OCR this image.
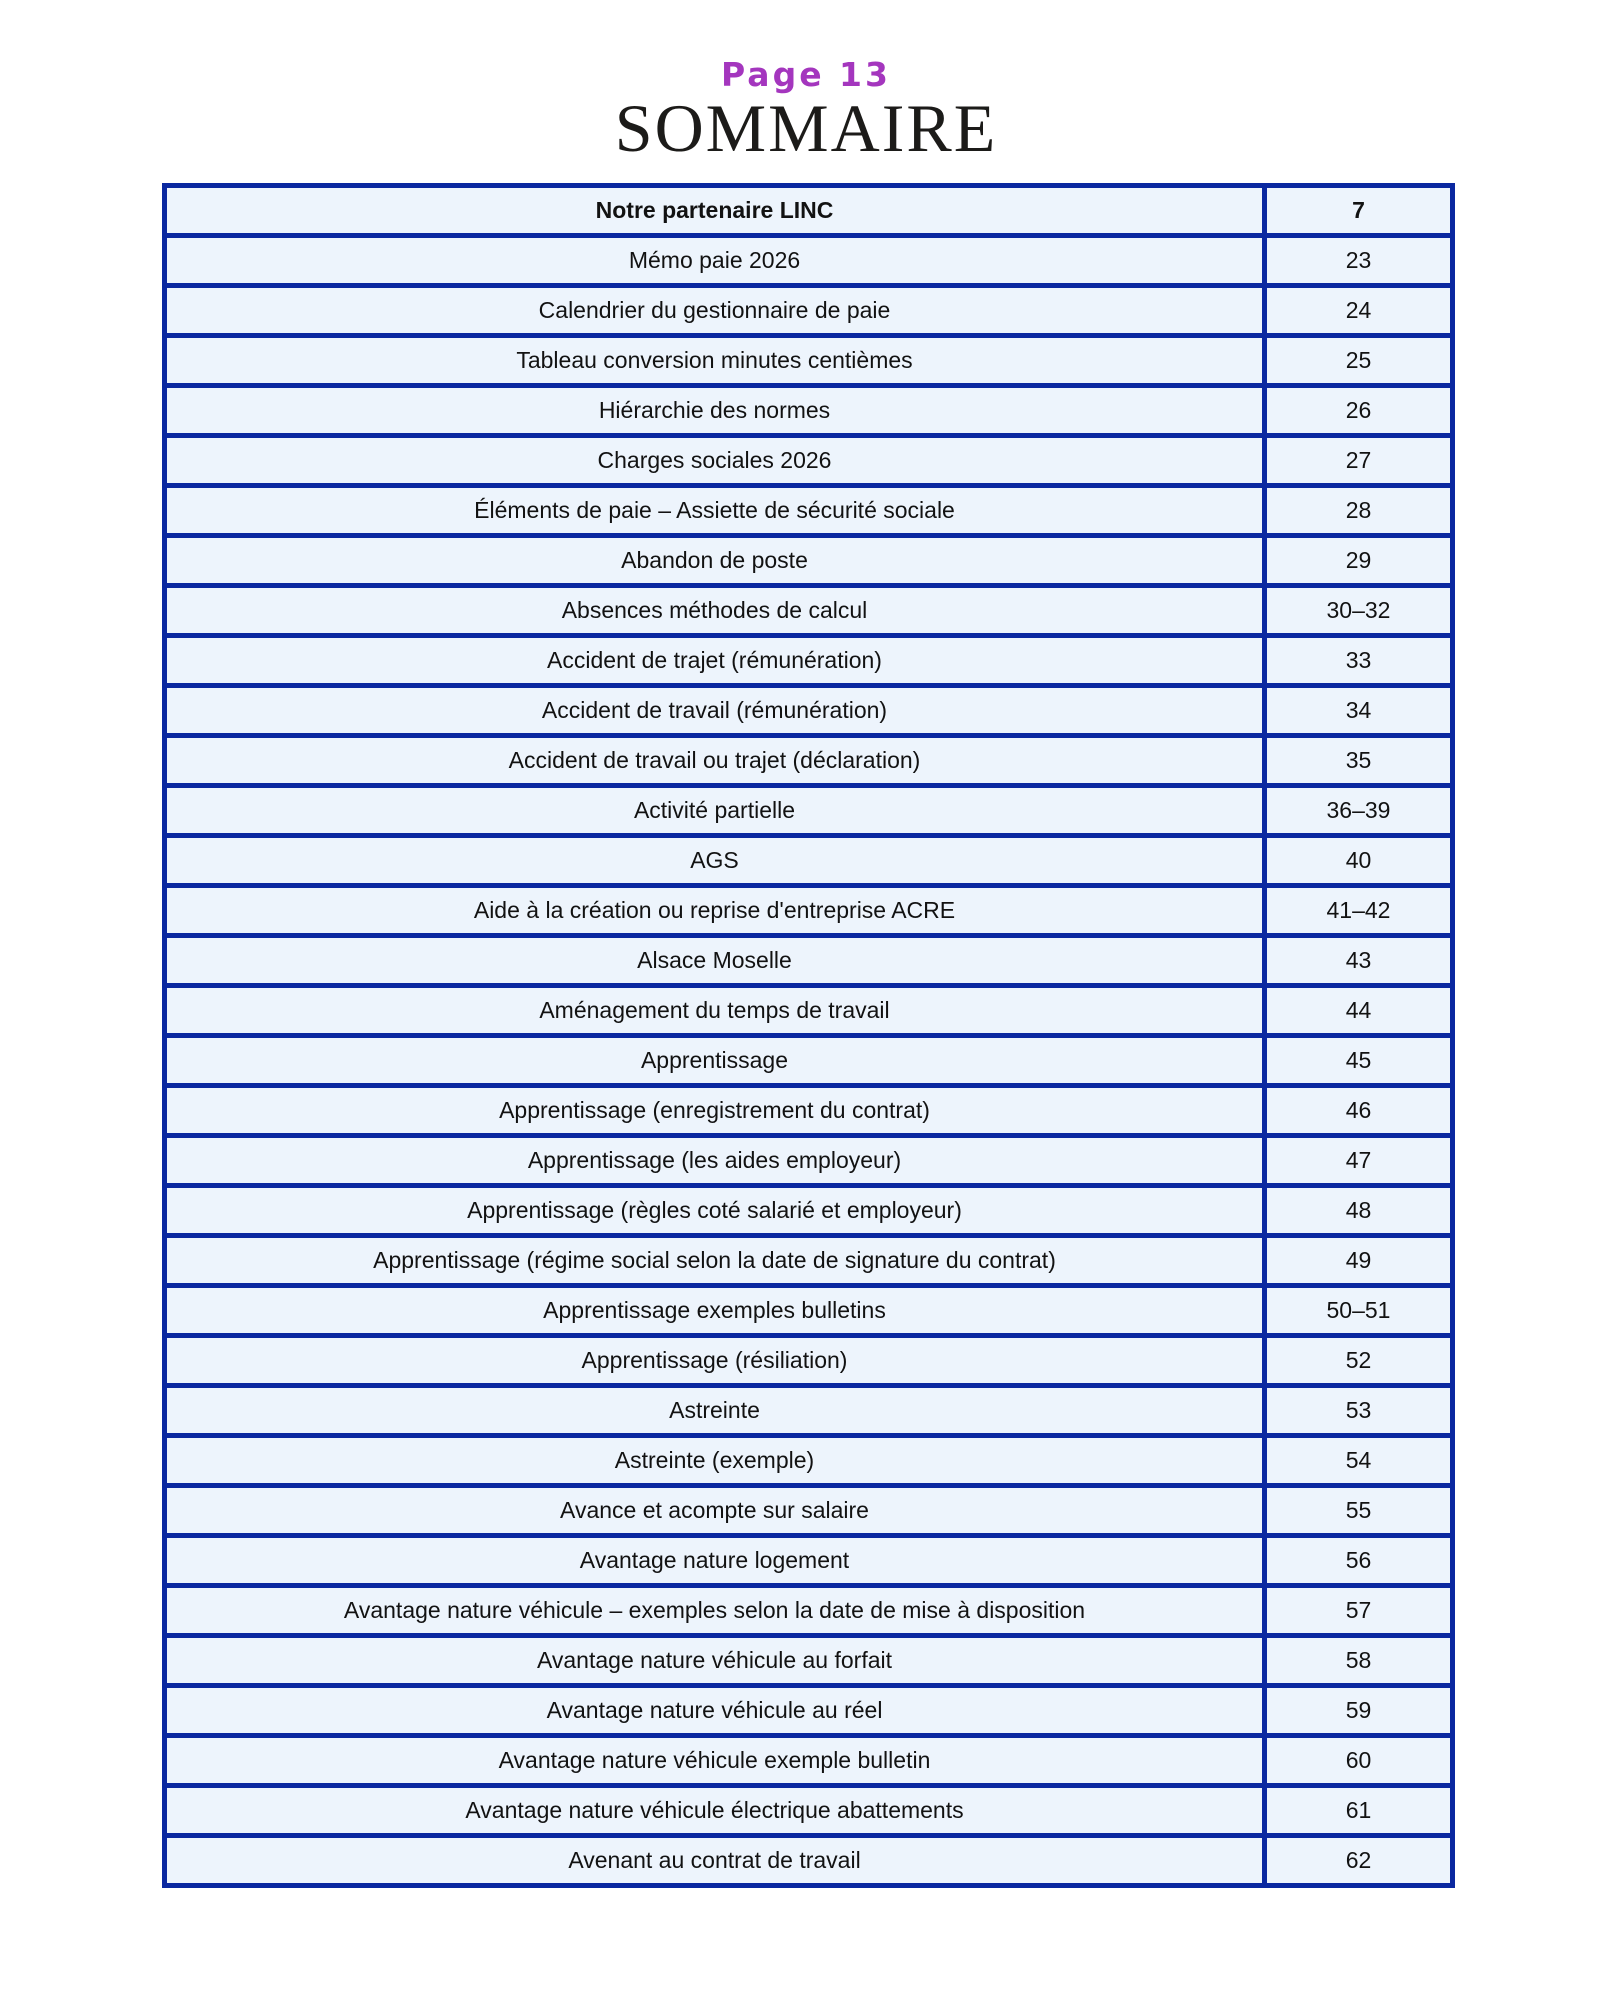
Page 13
SOMMAIRE
Notre partenaire LINC	7
Mémo paie 2026	23
Calendrier du gestionnaire de paie	24
Tableau conversion minutes centièmes	25
Hiérarchie des normes	26
Charges sociales 2026	27
Éléments de paie – Assiette de sécurité sociale	28
Abandon de poste	29
Absences méthodes de calcul	30–32
Accident de trajet (rémunération)	33
Accident de travail (rémunération)	34
Accident de travail ou trajet (déclaration)	35
Activité partielle	36–39
AGS	40
Aide à la création ou reprise d'entreprise ACRE	41–42
Alsace Moselle	43
Aménagement du temps de travail	44
Apprentissage	45
Apprentissage (enregistrement du contrat)	46
Apprentissage (les aides employeur)	47
Apprentissage (règles coté salarié et employeur)	48
Apprentissage (régime social selon la date de signature du contrat)	49
Apprentissage exemples bulletins	50–51
Apprentissage (résiliation)	52
Astreinte	53
Astreinte (exemple)	54
Avance et acompte sur salaire	55
Avantage nature logement	56
Avantage nature véhicule – exemples selon la date de mise à disposition	57
Avantage nature véhicule au forfait	58
Avantage nature véhicule au réel	59
Avantage nature véhicule exemple bulletin	60
Avantage nature véhicule électrique abattements	61
Avenant au contrat de travail	62
